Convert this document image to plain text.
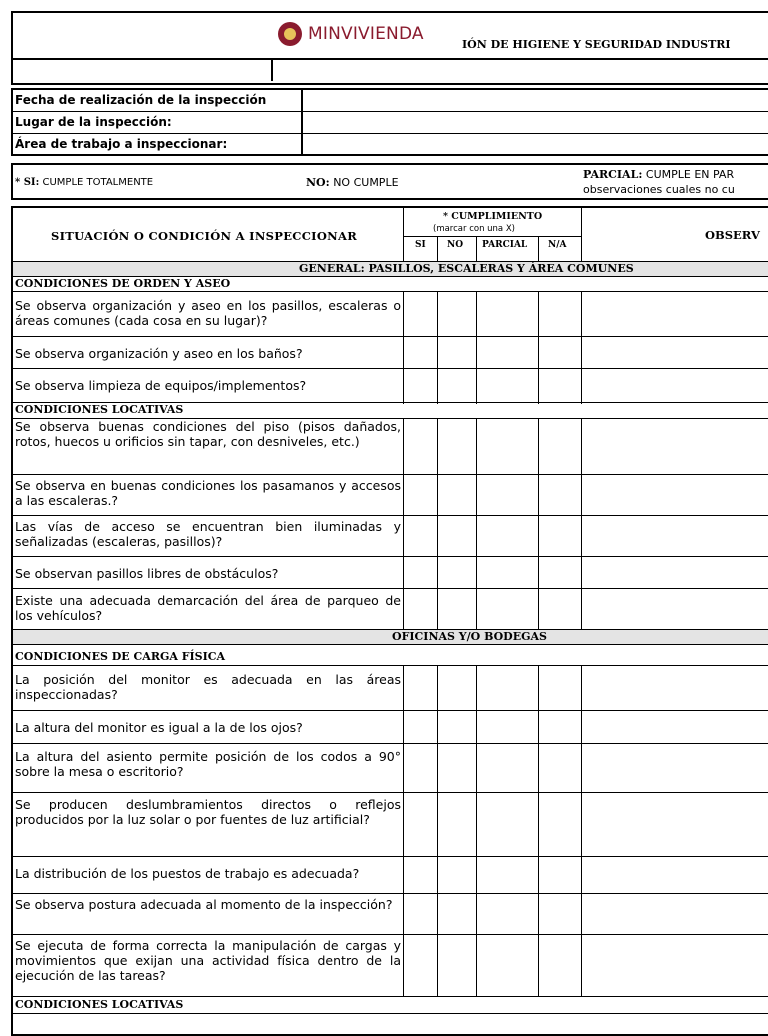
MINVIVIENDA
IÓN DE HIGIENE Y SEGURIDAD INDUSTRI
Fecha de realización de la inspección
Lugar de la inspección:
Área de trabajo a inspeccionar:
* SI: CUMPLE TOTALMENTE	NO: NO CUMPLE
PARCIAL: CUMPLE EN PAR
observaciones cuales no cu
SITUACIÓN O CONDICIÓN A INSPECCIONAR
* CUMPLIMIENTO
(marcar con una X)
SI NO PARCIAL N/A
OBSERV
GENERAL: PASILLOS, ESCALERAS Y ÁREA COMUNES
CONDICIONES DE ORDEN Y ASEO
Se observa organización y aseo en los pasillos, escaleras o áreas comunes (cada cosa en su lugar)?
Se observa organización y aseo en los baños?
Se observa limpieza de equipos/implementos?
CONDICIONES LOCATIVAS
Se observa buenas condiciones del piso (pisos dañados, rotos, huecos u orificios sin tapar, con desniveles, etc.)
Se observa en buenas condiciones los pasamanos y accesos a las escaleras.?
Las vías de acceso se encuentran bien iluminadas y señalizadas (escaleras, pasillos)?
Se observan pasillos libres de obstáculos?
Existe una adecuada demarcación del área de parqueo de los vehículos?
OFICINAS Y/O BODEGAS
CONDICIONES DE CARGA FÍSICA
La posición del monitor es adecuada en las áreas inspeccionadas?
La altura del monitor es igual a la de los ojos?
La altura del asiento permite posición de los codos a 90° sobre la mesa o escritorio?
Se producen deslumbramientos directos o reflejos producidos por la luz solar o por fuentes de luz artificial?
La distribución de los puestos de trabajo es adecuada?
Se observa postura adecuada al momento de la inspección?
Se ejecuta de forma correcta la manipulación de cargas y movimientos que exijan una actividad física dentro de la ejecución de las tareas?
CONDICIONES LOCATIVAS
